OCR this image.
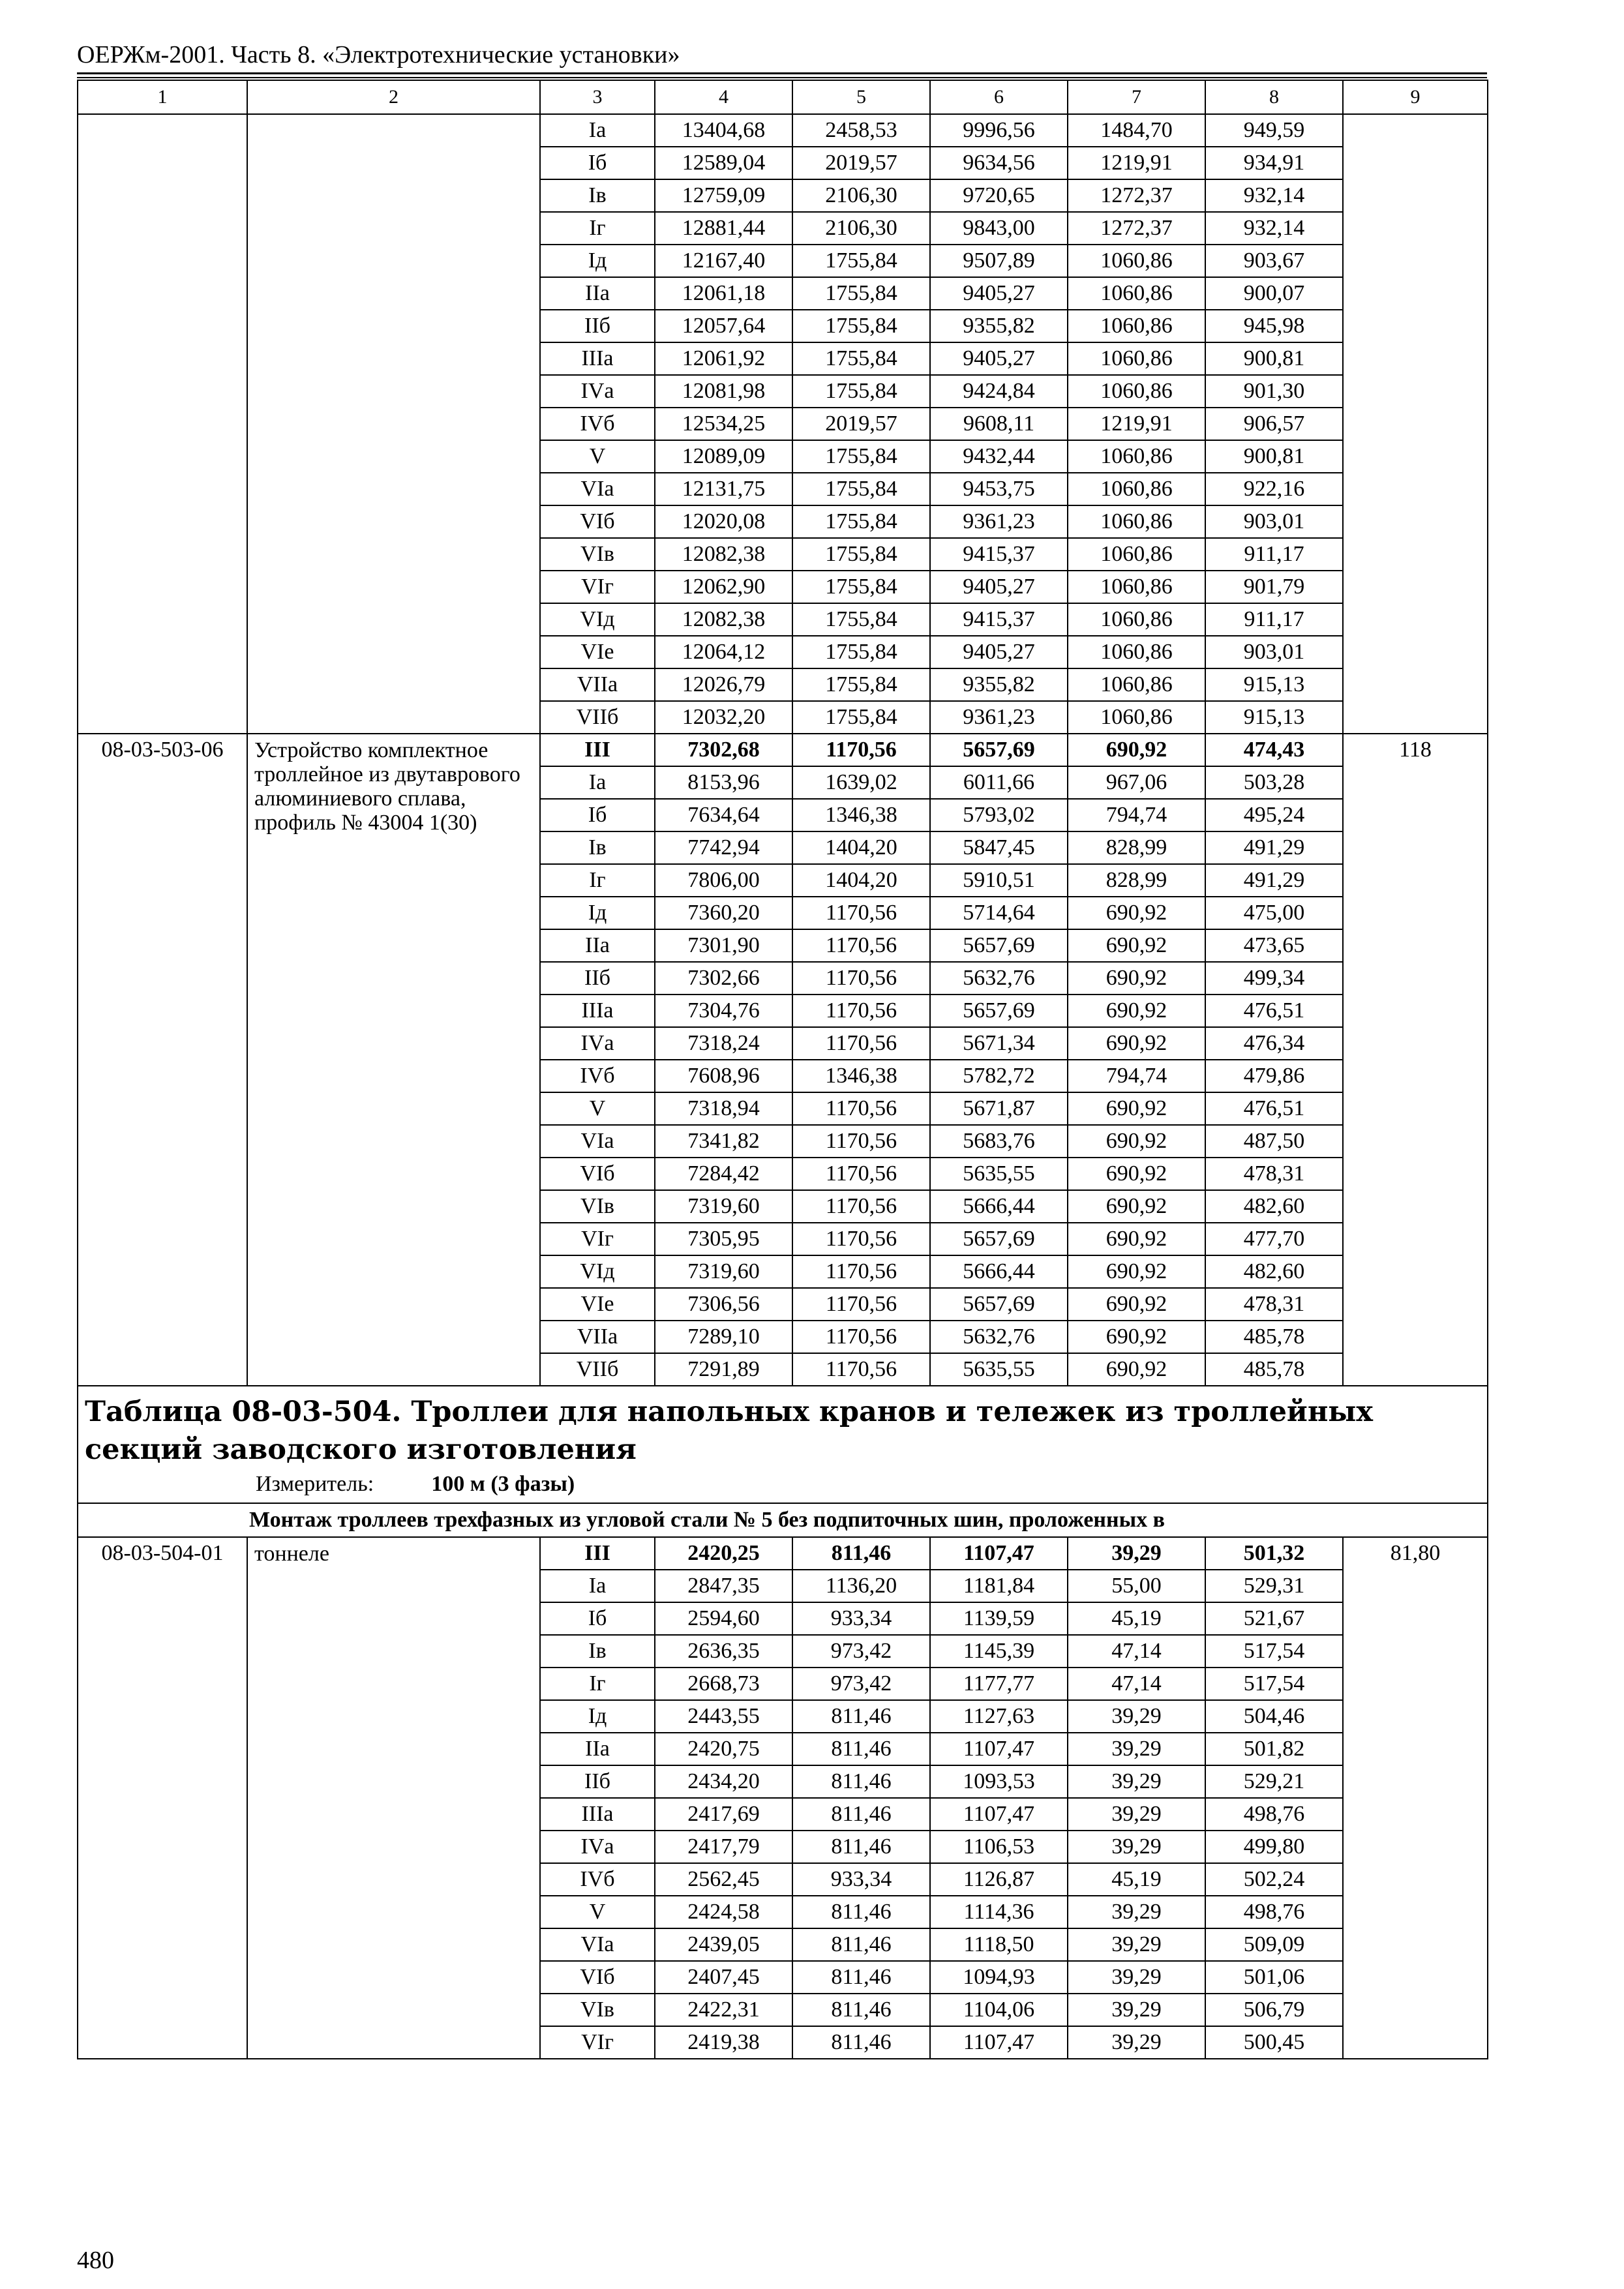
ОЕРЖм-2001. Часть 8. «Электротехнические установки»
1	2	3	4	5	6	7	8	9
		Iа	13404,68	2458,53	9996,56	1484,70	949,59	
		Iб	12589,04	2019,57	9634,56	1219,91	934,91	
		Iв	12759,09	2106,30	9720,65	1272,37	932,14	
		Iг	12881,44	2106,30	9843,00	1272,37	932,14	
		Iд	12167,40	1755,84	9507,89	1060,86	903,67	
		IIа	12061,18	1755,84	9405,27	1060,86	900,07	
		IIб	12057,64	1755,84	9355,82	1060,86	945,98	
		IIIа	12061,92	1755,84	9405,27	1060,86	900,81	
		IVа	12081,98	1755,84	9424,84	1060,86	901,30	
		IVб	12534,25	2019,57	9608,11	1219,91	906,57	
		V	12089,09	1755,84	9432,44	1060,86	900,81	
		VIа	12131,75	1755,84	9453,75	1060,86	922,16	
		VIб	12020,08	1755,84	9361,23	1060,86	903,01	
		VIв	12082,38	1755,84	9415,37	1060,86	911,17	
		VIг	12062,90	1755,84	9405,27	1060,86	901,79	
		VIд	12082,38	1755,84	9415,37	1060,86	911,17	
		VIе	12064,12	1755,84	9405,27	1060,86	903,01	
		VIIа	12026,79	1755,84	9355,82	1060,86	915,13	
		VIIб	12032,20	1755,84	9361,23	1060,86	915,13	
08-03-503-06	Устройство комплектное троллейное из двутаврового алюминиевого сплава, профиль № 43004 1(30)	III	7302,68	1170,56	5657,69	690,92	474,43	118
		Iа	8153,96	1639,02	6011,66	967,06	503,28	
		Iб	7634,64	1346,38	5793,02	794,74	495,24	
		Iв	7742,94	1404,20	5847,45	828,99	491,29	
		Iг	7806,00	1404,20	5910,51	828,99	491,29	
		Iд	7360,20	1170,56	5714,64	690,92	475,00	
		IIа	7301,90	1170,56	5657,69	690,92	473,65	
		IIб	7302,66	1170,56	5632,76	690,92	499,34	
		IIIа	7304,76	1170,56	5657,69	690,92	476,51	
		IVа	7318,24	1170,56	5671,34	690,92	476,34	
		IVб	7608,96	1346,38	5782,72	794,74	479,86	
		V	7318,94	1170,56	5671,87	690,92	476,51	
		VIа	7341,82	1170,56	5683,76	690,92	487,50	
		VIб	7284,42	1170,56	5635,55	690,92	478,31	
		VIв	7319,60	1170,56	5666,44	690,92	482,60	
		VIг	7305,95	1170,56	5657,69	690,92	477,70	
		VIд	7319,60	1170,56	5666,44	690,92	482,60	
		VIе	7306,56	1170,56	5657,69	690,92	478,31	
		VIIа	7289,10	1170,56	5632,76	690,92	485,78	
		VIIб	7291,89	1170,56	5635,55	690,92	485,78	
Таблица 08-03-504. Троллеи для напольных кранов и тележек из троллейных секций заводского изготовления
Измеритель: 100 м (3 фазы)								

Монтаж троллеев трехфазных из угловой стали № 5 без подпиточных шин, проложенных в								
08-03-504-01	тоннеле	III	2420,25	811,46	1107,47	39,29	501,32	81,80
		Iа	2847,35	1136,20	1181,84	55,00	529,31	
		Iб	2594,60	933,34	1139,59	45,19	521,67	
		Iв	2636,35	973,42	1145,39	47,14	517,54	
		Iг	2668,73	973,42	1177,77	47,14	517,54	
		Iд	2443,55	811,46	1127,63	39,29	504,46	
		IIа	2420,75	811,46	1107,47	39,29	501,82	
		IIб	2434,20	811,46	1093,53	39,29	529,21	
		IIIа	2417,69	811,46	1107,47	39,29	498,76	
		IVа	2417,79	811,46	1106,53	39,29	499,80	
		IVб	2562,45	933,34	1126,87	45,19	502,24	
		V	2424,58	811,46	1114,36	39,29	498,76	
		VIа	2439,05	811,46	1118,50	39,29	509,09	
		VIб	2407,45	811,46	1094,93	39,29	501,06	
		VIв	2422,31	811,46	1104,06	39,29	506,79	
		VIг	2419,38	811,46	1107,47	39,29	500,45	
480
